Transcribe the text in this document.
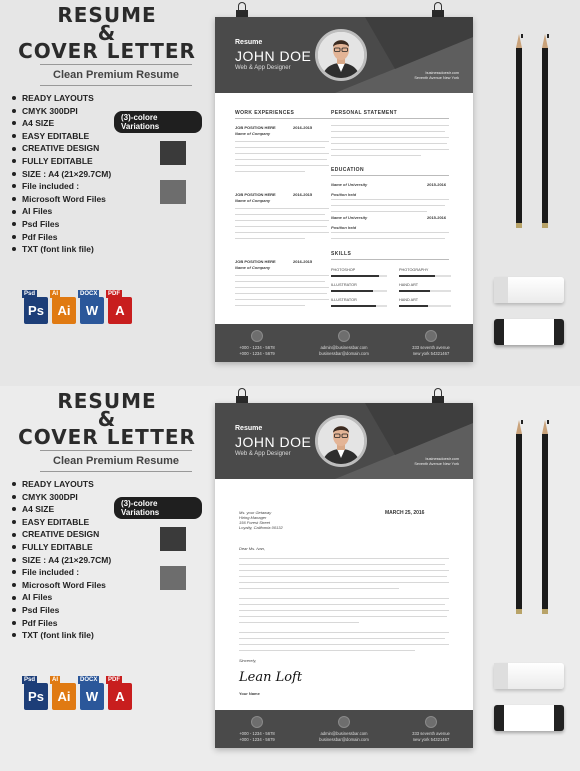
RESUME
&
COVER LETTER
Clean Premium Resume
READY LAYOUTS
CMYK 300DPI
A4 SIZE
EASY EDITABLE
CREATIVE DESIGN
FULLY EDITABLE
SIZE : A4 (21×29.7CM)
File included :
Microsoft Word Files
AI Files
Psd Files
Pdf Files
TXT (font link file)
(3)-colore Variations
Psd
Ps
AI
Ai
DOCX
W
PDF
A
Resume
JOHN DOE
Web & App Designer
businessdoestr.com
Seventh Avenue New York
WORK EXPERIENCES
JOB POSITION HERE	2016-2015
Name of Company
JOB POSITION HERE	2016-2015
Name of Company
JOB POSITION HERE	2016-2015
Name of Company
PERSONAL STATEMENT
EDUCATION
Name of University	2015-2016
Position held
Name of University	2015-2016
Position held
SKILLS
PHOTOSHOP	PHOTOGRAPHY
ILLUSTRATOR	HAND ART
ILLUSTRATOR	HAND ART
+000 - 1234 - 5678
+000 - 1234 - 5679
admin@businessbar.com
businessbar@domain.com
333 seventh avenue
new york 54321467
RESUME
&
COVER LETTER
Clean Premium Resume
READY LAYOUTS
CMYK 300DPI
A4 SIZE
EASY EDITABLE
CREATIVE DESIGN
FULLY EDITABLE
SIZE : A4 (21×29.7CM)
File included :
Microsoft Word Files
AI Files
Psd Files
Pdf Files
TXT (font link file)
(3)-colore Variations
Psd
Ps
AI
Ai
DOCX
W
PDF
A
Resume
JOHN DOE
Web & App Designer
businessdoestr.com
Seventh Avenue New York
MARCH 25, 2016
Ms. your Getaway
Hiring Manager
156 Forest Street
Loyalty, California 00132
Dear Ms. Ivan,
Sincerely,
Lean Loft
Your Name
+000 - 1234 - 5678
+000 - 1234 - 5679
admin@businessbar.com
businessbar@domain.com
333 seventh avenue
new york 54321467
